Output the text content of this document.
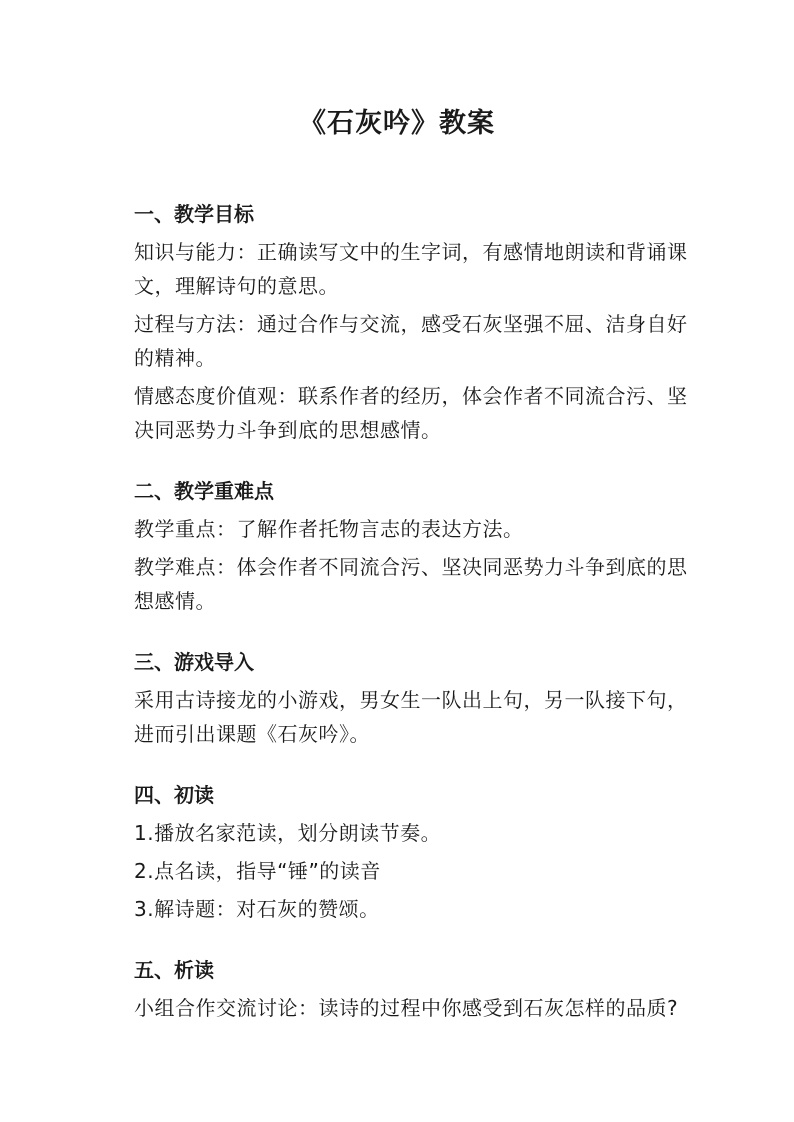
《石灰吟》教案
一、教学目标
知识与能力：正确读写文中的生字词，有感情地朗读和背诵课文，理解诗句的意思。
过程与方法：通过合作与交流，感受石灰坚强不屈、洁身自好的精神。
情感态度价值观：联系作者的经历，体会作者不同流合污、坚决同恶势力斗争到底的思想感情。
二、教学重难点
教学重点：了解作者托物言志的表达方法。
教学难点：体会作者不同流合污、坚决同恶势力斗争到底的思想感情。
三、游戏导入
采用古诗接龙的小游戏，男女生一队出上句，另一队接下句，进而引出课题《石灰吟》。
四、初读
1.播放名家范读，划分朗读节奏。
2.点名读，指导“锤”的读音
3.解诗题：对石灰的赞颂。
五、析读
小组合作交流讨论：读诗的过程中你感受到石灰怎样的品质?
